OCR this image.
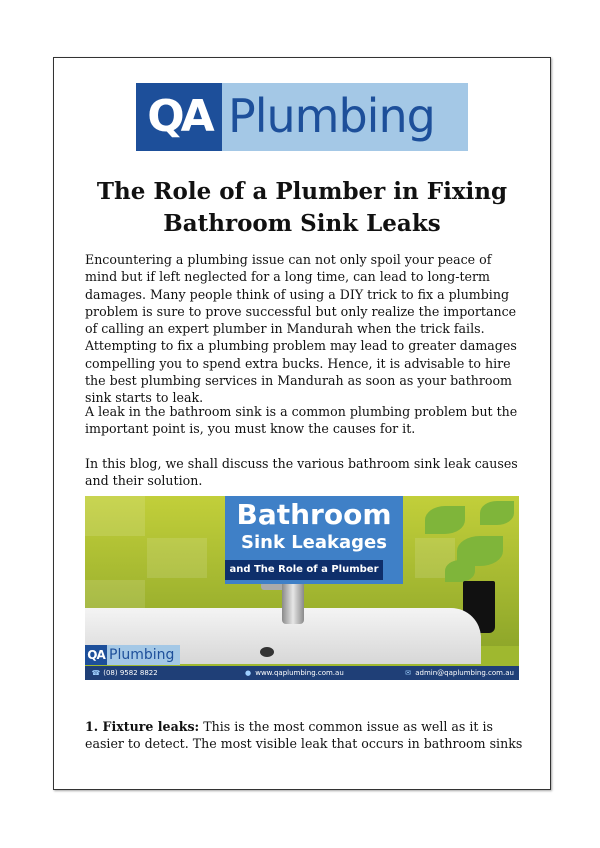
QA Plumbing
The Role of a Plumber in Fixing
Bathroom Sink Leaks
Encountering a plumbing issue can not only spoil your peace of mind but if left neglected for a long time, can lead to long-term damages. Many people think of using a DIY trick to fix a plumbing problem is sure to prove successful but only realize the importance of calling an expert plumber in Mandurah when the trick fails. Attempting to fix a plumbing problem may lead to greater damages compelling you to spend extra bucks. Hence, it is advisable to hire the best plumbing services in Mandurah as soon as your bathroom sink starts to leak.
A leak in the bathroom sink is a common plumbing problem but the important point is, you must know the causes for it.
In this blog, we shall discuss the various bathroom sink leak causes and their solution.
Bathroom
Sink Leakages
and The Role of a Plumber
QA Plumbing
☎ (08) 9582 8822	● www.qaplumbing.com.au	✉ admin@qaplumbing.com.au
1. Fixture leaks: This is the most common issue as well as it is easier to detect. The most visible leak that occurs in bathroom sinks
